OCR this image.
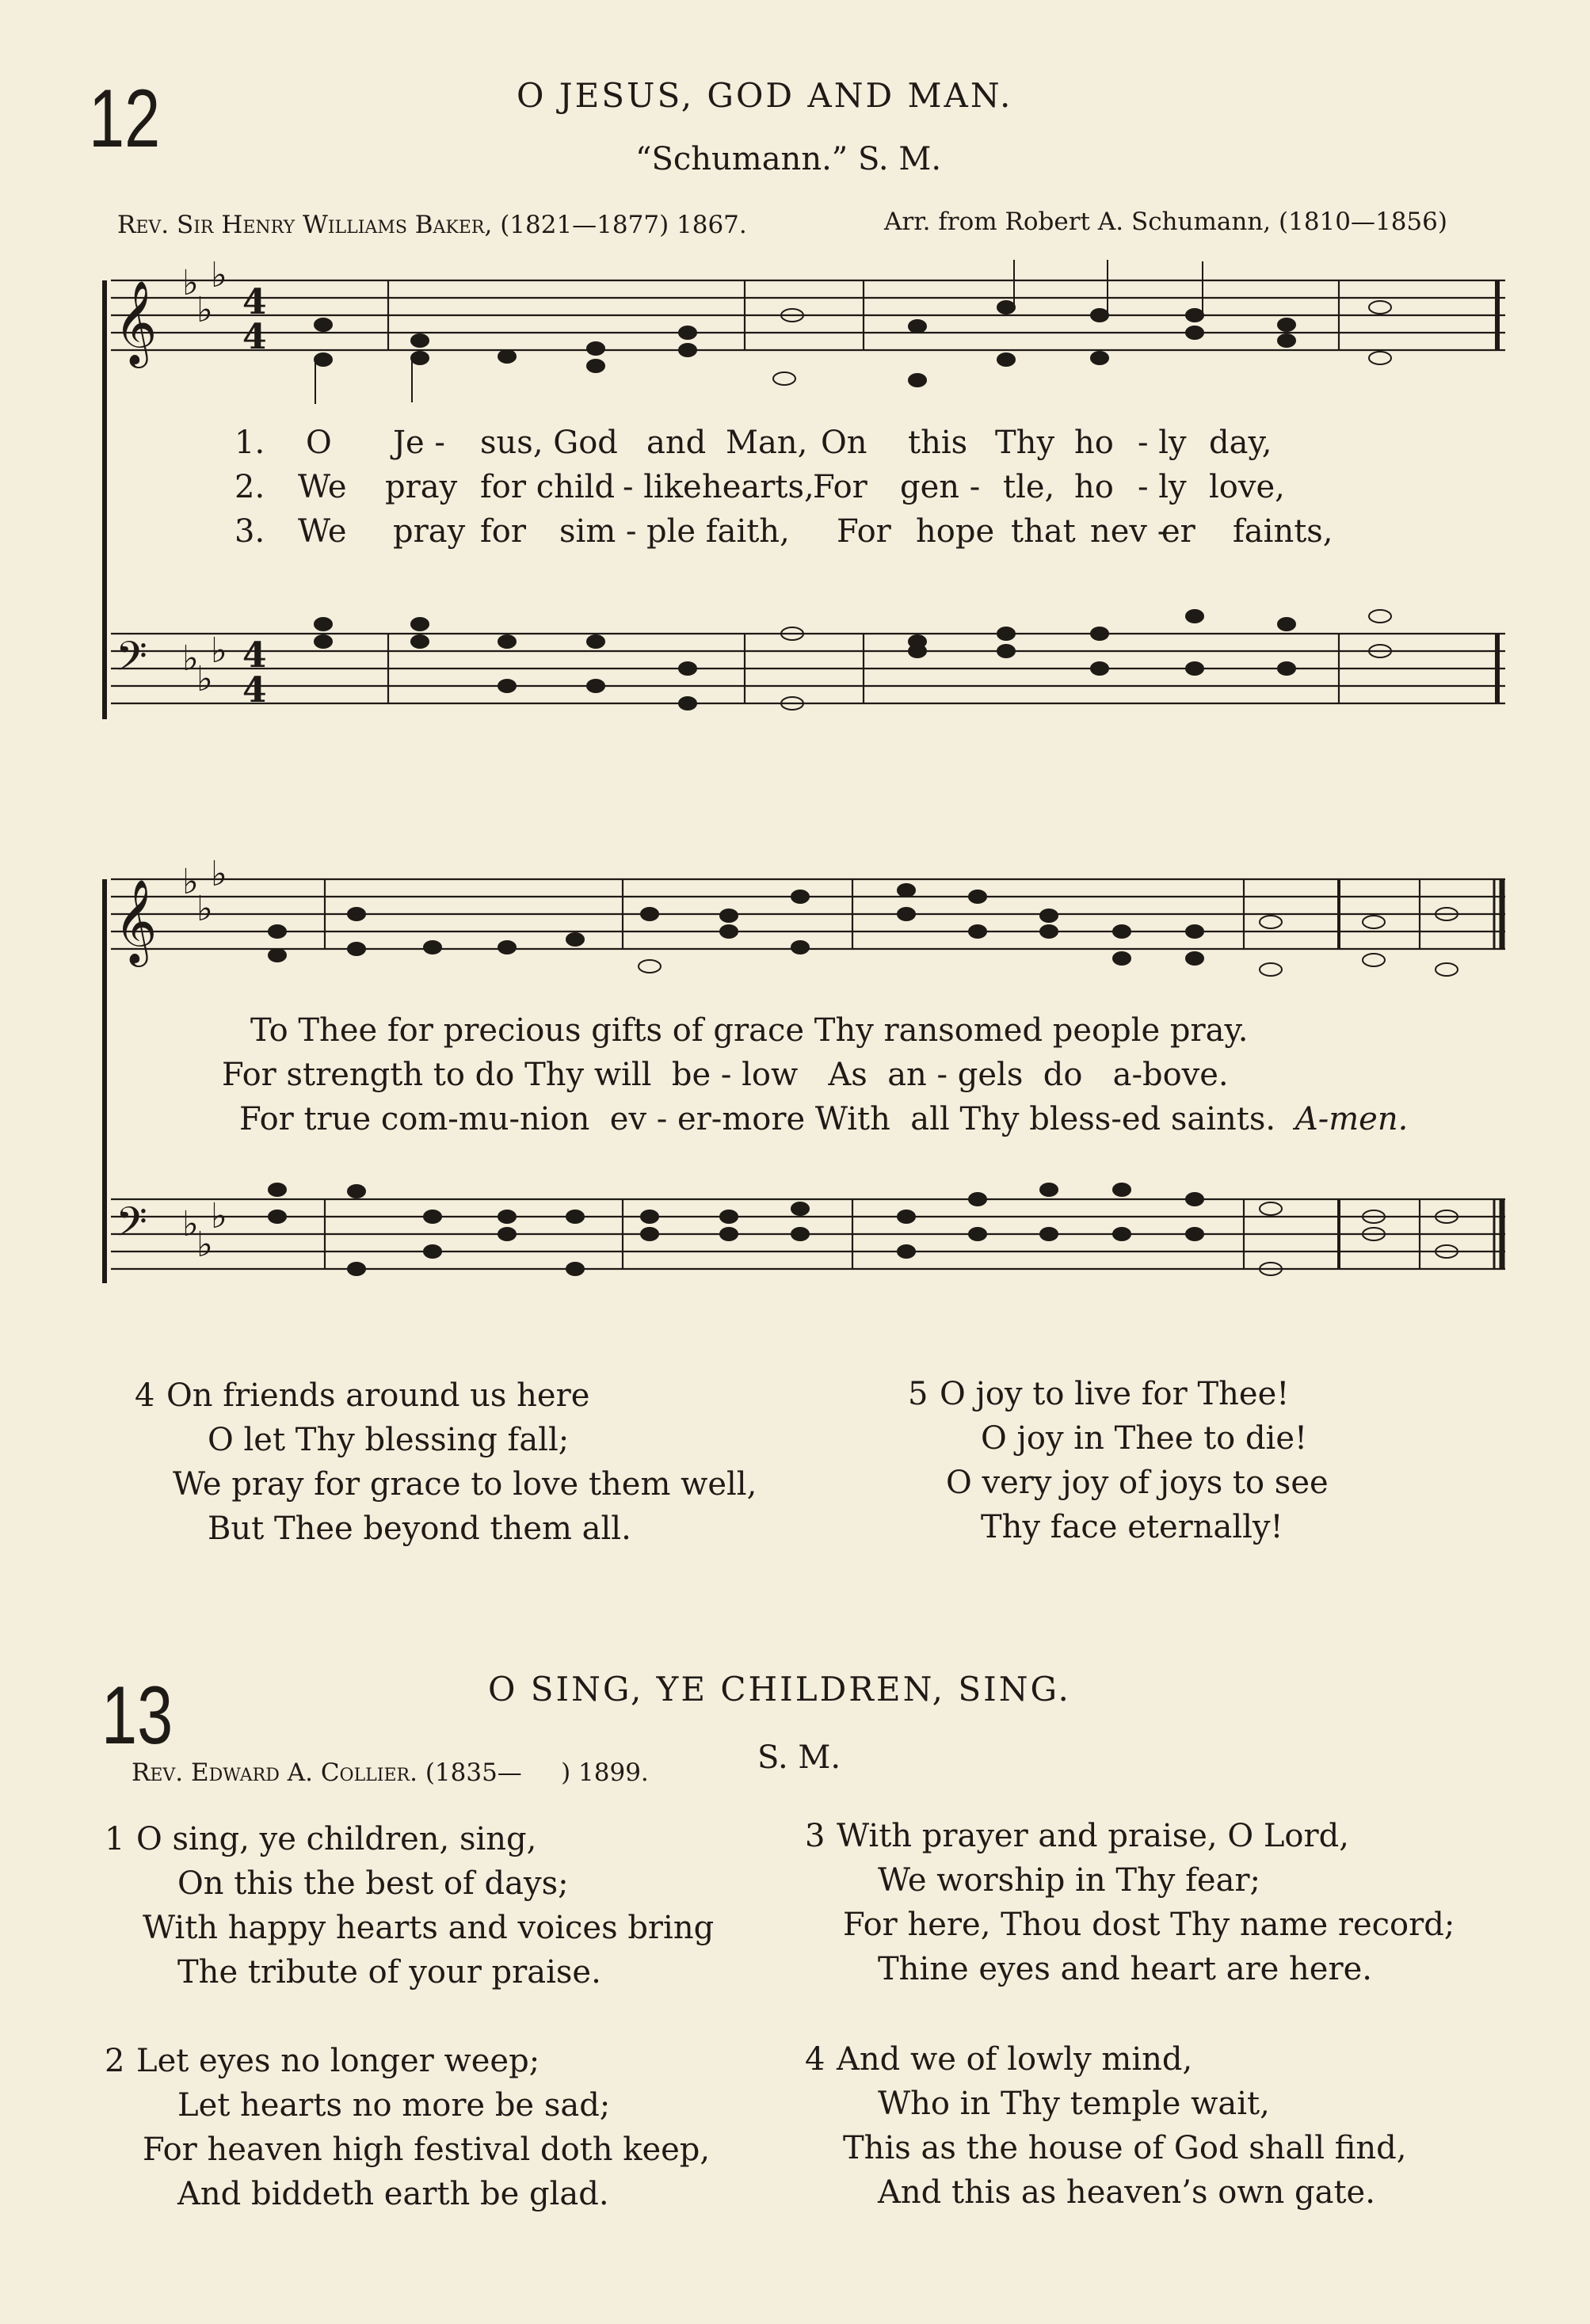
12	O JESUS, GOD AND MAN.
“Schumann.” S. M.
Rev. Sir Henry Williams Baker, (1821—1877) 1867.	Arr. from Robert A. Schumann, (1810—1856)
𝄞 ♭
♭
♭
4
4
𝄢 ♭
♭
♭ 4
4
1. O Je - sus, God and Man, On this Thy ho - ly day,
2. We pray for child - likehearts,For gen - tle, ho - ly love,
3. We pray for sim - ple faith, For hope that nev -er faints,
𝄞 ♭
♭
♭
𝄢 ♭
♭
♭
To Thee for precious gifts of grace Thy ransomed people pray.
For strength to do Thy will  be - low   As  an - gels  do   a-bove.
For true com-mu-nion  ev - er-more With  all Thy bless-ed saints. A-men.
4 On friends around us here
O let Thy blessing fall;
We pray for grace to love them well,
But Thee beyond them all.
5 O joy to live for Thee!
O joy in Thee to die!
O very joy of joys to see
Thy face eternally!
13	O SING, YE CHILDREN, SING.
Rev. Edward A. Collier. (1835—     ) 1899.	S. M.
1 O sing, ye children, sing,
On this the best of days;
With happy hearts and voices bring
The tribute of your praise.
2 Let eyes no longer weep;
Let hearts no more be sad;
For heaven high festival doth keep,
And biddeth earth be glad.
3 With prayer and praise, O Lord,
We worship in Thy fear;
For here, Thou dost Thy name record;
Thine eyes and heart are here.
4 And we of lowly mind,
Who in Thy temple wait,
This as the house of God shall find,
And this as heaven’s own gate.
